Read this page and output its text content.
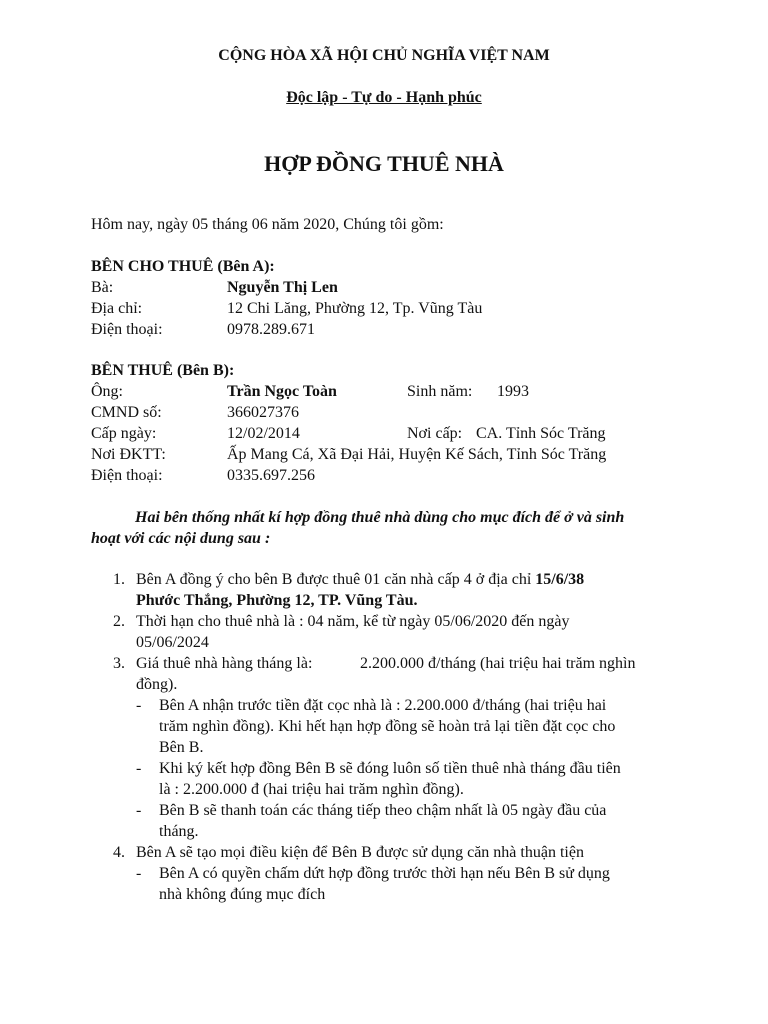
CỘNG HÒA XÃ HỘI CHỦ NGHĨA VIỆT NAM
Độc lập - Tự do - Hạnh phúc
HỢP ĐỒNG THUÊ NHÀ
Hôm nay, ngày 05 tháng 06 năm 2020, Chúng tôi gồm:
BÊN CHO THUÊ (Bên A):
Bà:	Nguyễn Thị Len
Địa chỉ:	12 Chi Lăng, Phường 12, Tp. Vũng Tàu
Điện thoại:	0978.289.671
BÊN THUÊ (Bên B):
Ông:	Trần Ngọc Toàn	Sinh năm: 1993
CMND số:	366027376
Cấp ngày:	12/02/2014	Nơi cấp: CA. Tỉnh Sóc Trăng
Nơi ĐKTT:	Ấp Mang Cá, Xã Đại Hải, Huyện Kế Sách, Tỉnh Sóc Trăng
Điện thoại:	0335.697.256
Hai bên thống nhất kí hợp đồng thuê nhà dùng cho mục đích để ở và sinh
hoạt với các nội dung sau :
1. Bên A đồng ý cho bên B được thuê 01 căn nhà cấp 4 ở địa chỉ 15/6/38
Phước Thắng, Phường 12, TP. Vũng Tàu.
2. Thời hạn cho thuê nhà là : 04 năm, kể từ ngày 05/06/2020 đến ngày
05/06/2024
3. Giá thuê nhà hàng tháng là:	2.200.000 đ/tháng (hai triệu hai trăm nghìn
đồng).
- Bên A nhận trước tiền đặt cọc nhà là : 2.200.000 đ/tháng (hai triệu hai
trăm nghìn đồng). Khi hết hạn hợp đồng sẽ hoàn trả lại tiền đặt cọc cho
Bên B.
- Khi ký kết hợp đồng Bên B sẽ đóng luôn số tiền thuê nhà tháng đầu tiên
là : 2.200.000 đ (hai triệu hai trăm nghìn đồng).
- Bên B sẽ thanh toán các tháng tiếp theo chậm nhất là 05 ngày đầu của
tháng.
4. Bên A sẽ tạo mọi điều kiện để Bên B được sử dụng căn nhà thuận tiện
- Bên A có quyền chấm dứt hợp đồng trước thời hạn nếu Bên B sử dụng
nhà không đúng mục đích
